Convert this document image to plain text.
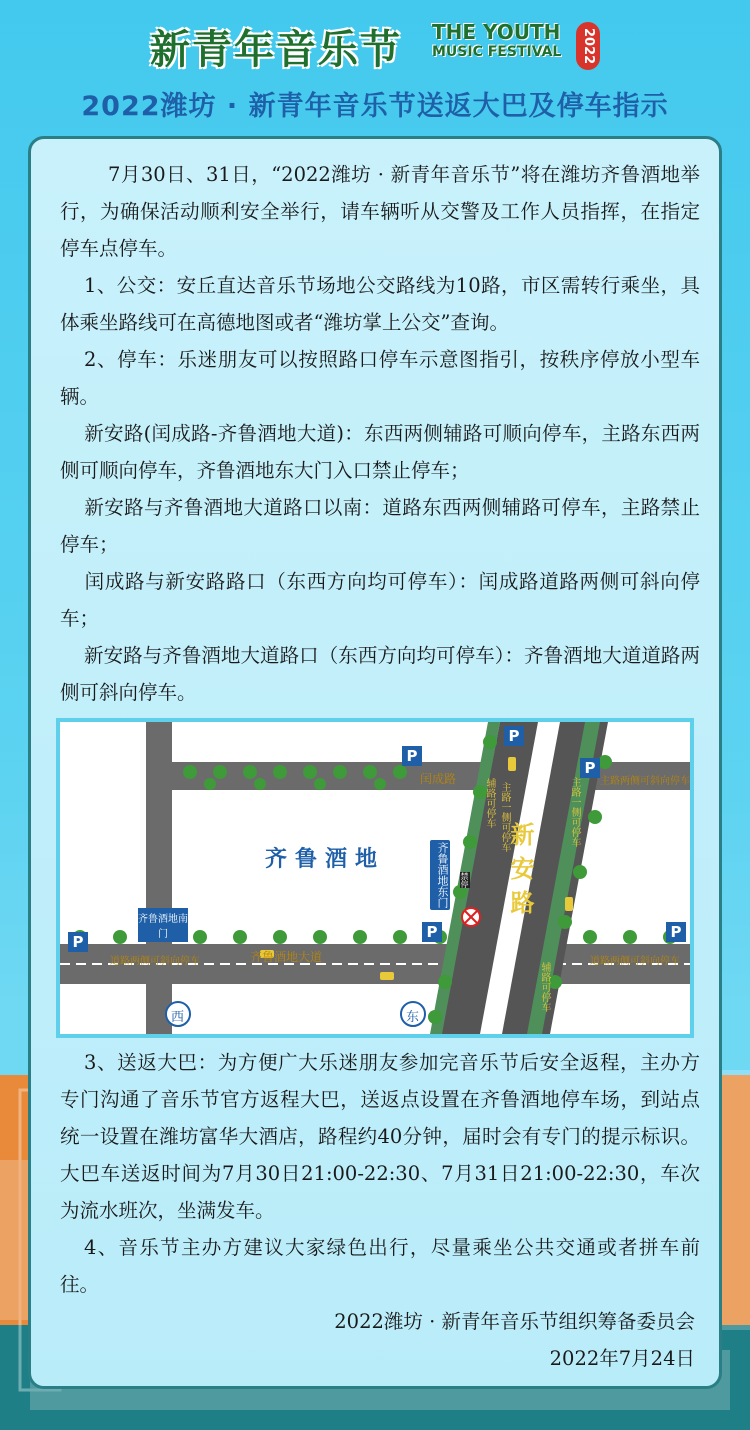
新青年音乐节 THE YOUTH
MUSIC FESTIVAL	2022
2022潍坊 · 新青年音乐节送返大巴及停车指示
7月30日、31日，“2022潍坊 · 新青年音乐节”将在潍坊齐鲁酒地举行，为确保活动顺利安全举行，请车辆听从交警及工作人员指挥，在指定停车点停车。
1、公交：安丘直达音乐节场地公交路线为10路，市区需转行乘坐，具体乘坐路线可在高德地图或者“潍坊掌上公交”查询。
2、停车：乐迷朋友可以按照路口停车示意图指引，按秩序停放小型车辆。
新安路(闰成路-齐鲁酒地大道)：东西两侧辅路可顺向停车，主路东西两侧可顺向停车，齐鲁酒地东大门入口禁止停车；
新安路与齐鲁酒地大道路口以南：道路东西两侧辅路可停车，主路禁止停车；
闰成路与新安路路口（东西方向均可停车）：闰成路道路两侧可斜向停车；
新安路与齐鲁酒地大道路口（东西方向均可停车）：齐鲁酒地大道道路两侧可斜向停车。
闰成路
齐鲁酒地	齐鲁酒地东门
齐鲁酒地南门
齐鲁酒地大道
新安路
辅路可停车 主路一侧可停车	主路一侧可停车
辅路可停车
主路两侧可斜向停车
道路两侧可斜向停车	道路两侧可斜向停车
禁停
西	东
P
P
P
P
P	P
3、送返大巴：为方便广大乐迷朋友参加完音乐节后安全返程，主办方专门沟通了音乐节官方返程大巴，送返点设置在齐鲁酒地停车场，到站点统一设置在潍坊富华大酒店，路程约40分钟，届时会有专门的提示标识。大巴车送返时间为7月30日21:00-22:30、7月31日21:00-22:30，车次为流水班次，坐满发车。
4、音乐节主办方建议大家绿色出行，尽量乘坐公共交通或者拼车前往。
2022潍坊 · 新青年音乐节组织筹备委员会
2022年7月24日
